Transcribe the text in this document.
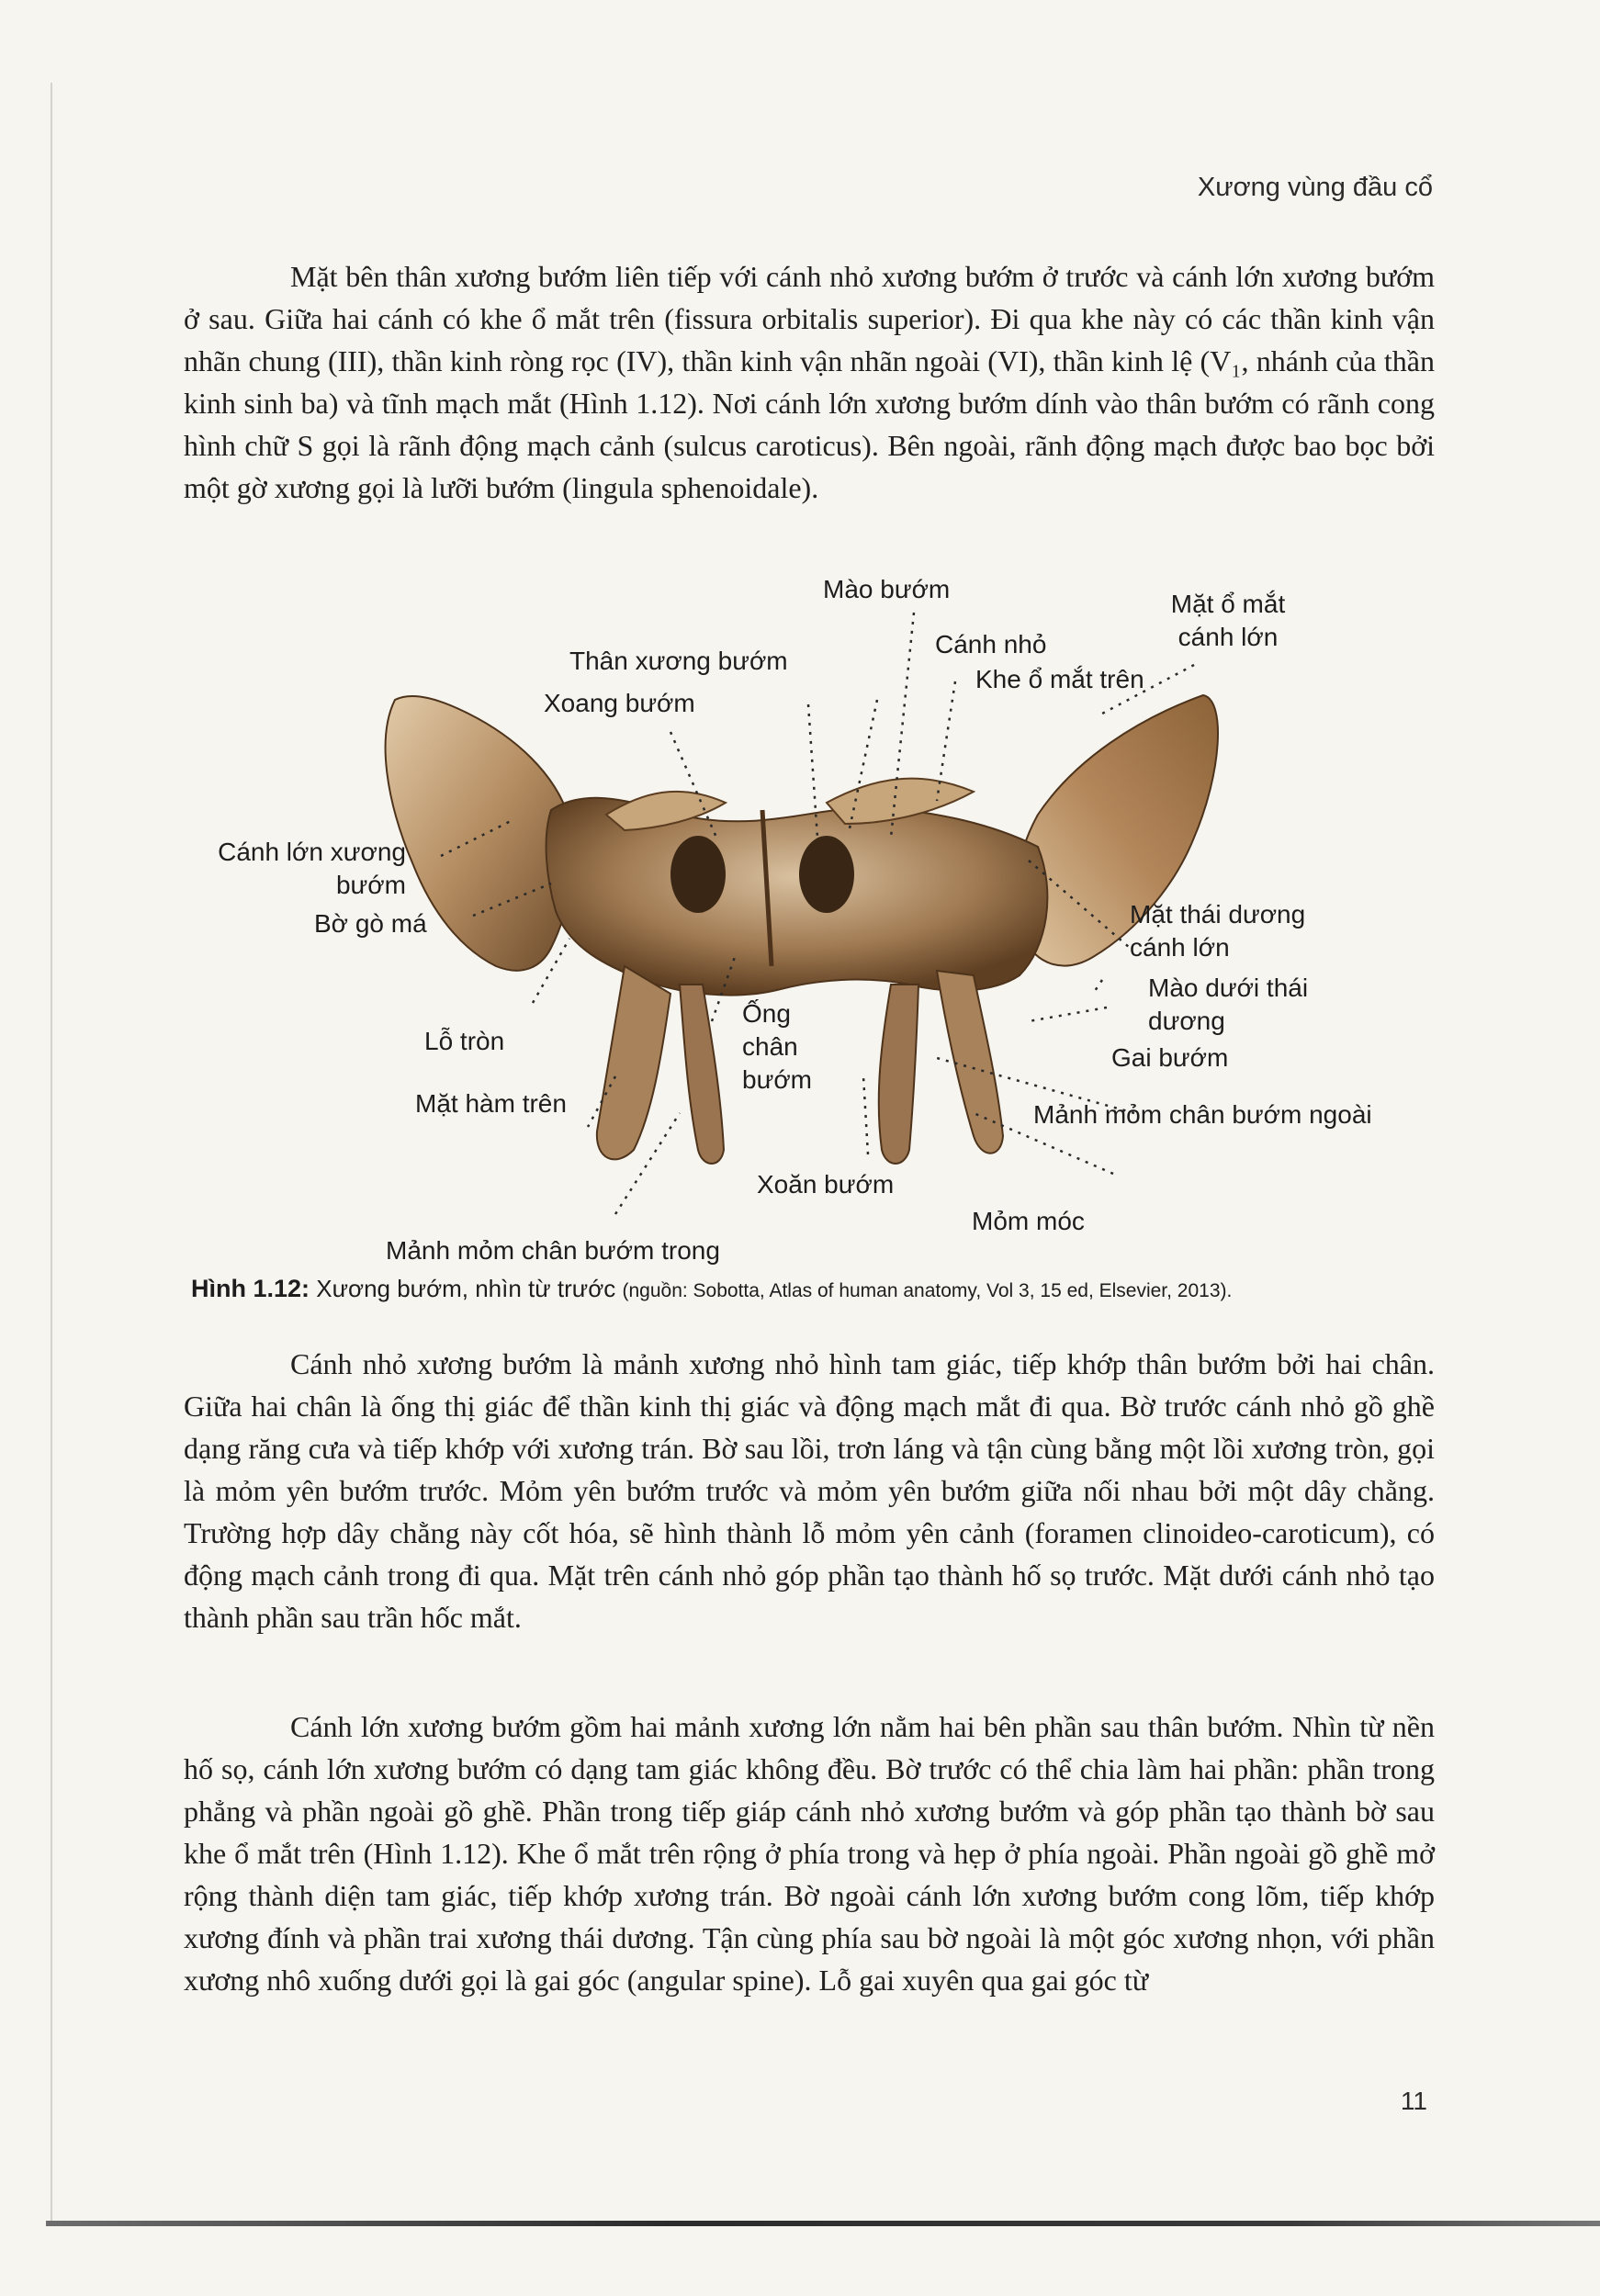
Xương vùng đầu cổ

Mặt bên thân xương bướm liên tiếp với cánh nhỏ xương bướm ở trước và cánh lớn xương bướm ở sau. Giữa hai cánh có khe ổ mắt trên (fissura orbitalis superior). Đi qua khe này có các thần kinh vận nhãn chung (III), thần kinh ròng rọc (IV), thần kinh vận nhãn ngoài (VI), thần kinh lệ (V₁, nhánh của thần kinh sinh ba) và tĩnh mạch mắt (Hình 1.12). Nơi cánh lớn xương bướm dính vào thân bướm có rãnh cong hình chữ S gọi là rãnh động mạch cảnh (sulcus caroticus). Bên ngoài, rãnh động mạch được bao bọc bởi một gờ xương gọi là lưỡi bướm (lingula sphenoidale).

Mào bướm
Mặt ổ mắt cánh lớn
Thân xương bướm
Cánh nhỏ
Khe ổ mắt trên
Xoang bướm
Cánh lớn xương bướm
Bờ gò má	Mặt thái dương cánh lớn
Mào dưới thái dương
Gai bướm
Lỗ tròn
Ống chân bướm
Mặt hàm trên	Mảnh mỏm chân bướm ngoài
Xoăn bướm
Mỏm móc
Mảnh mỏm chân bướm trong
Hình 1.12: Xương bướm, nhìn từ trước (nguồn: Sobotta, Atlas of human anatomy, Vol 3, 15 ed, Elsevier, 2013).

Cánh nhỏ xương bướm là mảnh xương nhỏ hình tam giác, tiếp khớp thân bướm bởi hai chân. Giữa hai chân là ống thị giác để thần kinh thị giác và động mạch mắt đi qua. Bờ trước cánh nhỏ gồ ghề dạng răng cưa và tiếp khớp với xương trán. Bờ sau lồi, trơn láng và tận cùng bằng một lồi xương tròn, gọi là mỏm yên bướm trước. Mỏm yên bướm trước và mỏm yên bướm giữa nối nhau bởi một dây chằng. Trường hợp dây chằng này cốt hóa, sẽ hình thành lỗ mỏm yên cảnh (foramen clinoideo-caroticum), có động mạch cảnh trong đi qua. Mặt trên cánh nhỏ góp phần tạo thành hố sọ trước. Mặt dưới cánh nhỏ tạo thành phần sau trần hốc mắt.

Cánh lớn xương bướm gồm hai mảnh xương lớn nằm hai bên phần sau thân bướm. Nhìn từ nền hố sọ, cánh lớn xương bướm có dạng tam giác không đều. Bờ trước có thể chia làm hai phần: phần trong phẳng và phần ngoài gồ ghề. Phần trong tiếp giáp cánh nhỏ xương bướm và góp phần tạo thành bờ sau khe ổ mắt trên (Hình 1.12). Khe ổ mắt trên rộng ở phía trong và hẹp ở phía ngoài. Phần ngoài gồ ghề mở rộng thành diện tam giác, tiếp khớp xương trán. Bờ ngoài cánh lớn xương bướm cong lõm, tiếp khớp xương đính và phần trai xương thái dương. Tận cùng phía sau bờ ngoài là một góc xương nhọn, với phần xương nhô xuống dưới gọi là gai góc (angular spine). Lỗ gai xuyên qua gai góc từ

11
